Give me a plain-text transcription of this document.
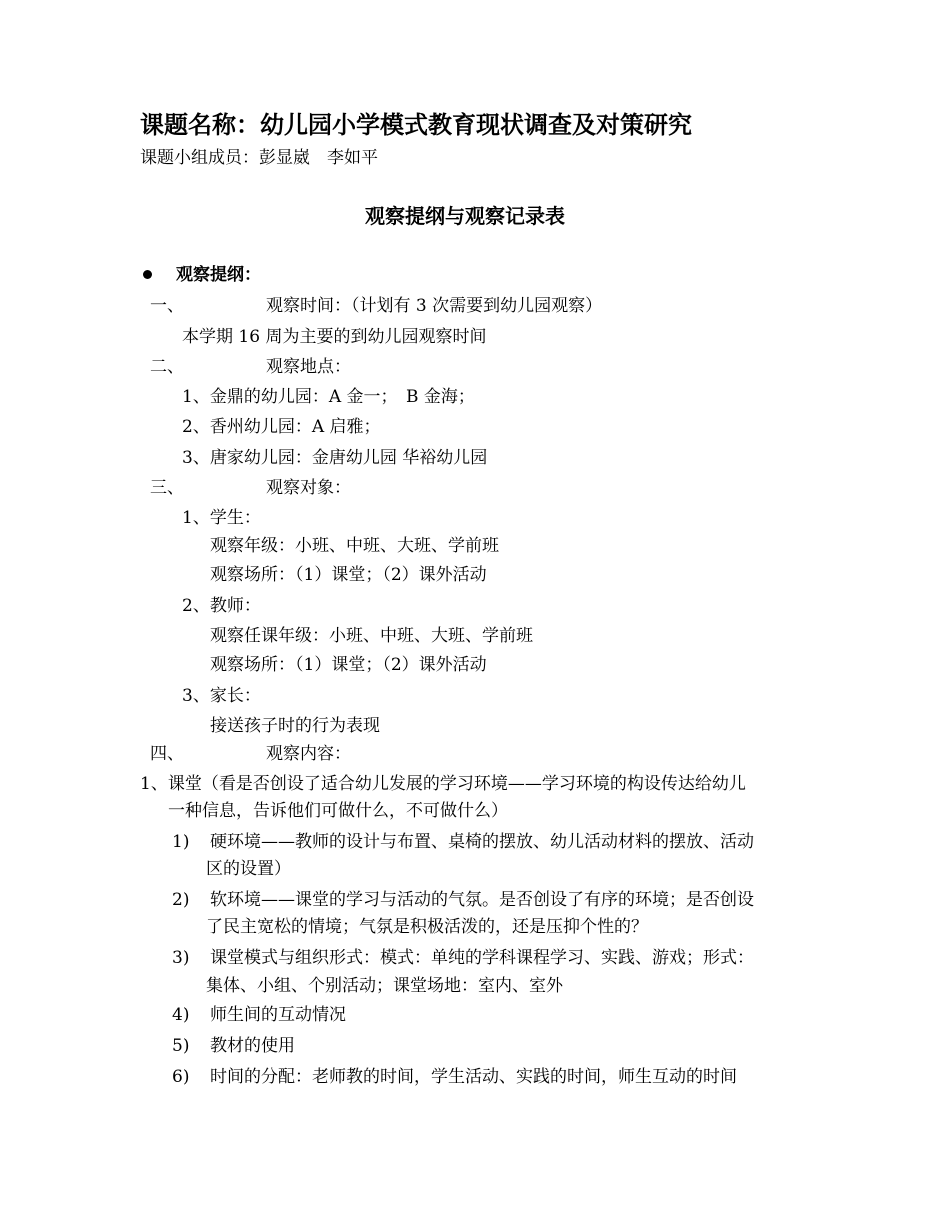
课题名称：幼儿园小学模式教育现状调查及对策研究
课题小组成员：彭显崴　李如平
观察提纲与观察记录表
观察提纲：
一、	观察时间：（计划有 3 次需要到幼儿园观察）
本学期 16 周为主要的到幼儿园观察时间
二、	观察地点：
1、金鼎的幼儿园：A 金一；　B 金海；
2、香州幼儿园：A 启雅；
3、唐家幼儿园：金唐幼儿园 华裕幼儿园
三、	观察对象：
1、学生：
观察年级：小班、中班、大班、学前班
观察场所：（1）课堂；（2）课外活动
2、教师：
观察任课年级：小班、中班、大班、学前班
观察场所：（1）课堂；（2）课外活动
3、家长：
接送孩子时的行为表现
四、	观察内容：
1、课堂（看是否创设了适合幼儿发展的学习环境——学习环境的构设传达给幼儿
一种信息，告诉他们可做什么，不可做什么）
1) 硬环境——教师的设计与布置、桌椅的摆放、幼儿活动材料的摆放、活动
区的设置）
2) 软环境——课堂的学习与活动的气氛。是否创设了有序的环境；是否创设
了民主宽松的情境；气氛是积极活泼的，还是压抑个性的？
3) 课堂模式与组织形式：模式：单纯的学科课程学习、实践、游戏；形式：
集体、小组、个别活动；课堂场地：室内、室外
4) 师生间的互动情况
5) 教材的使用
6) 时间的分配：老师教的时间，学生活动、实践的时间，师生互动的时间
